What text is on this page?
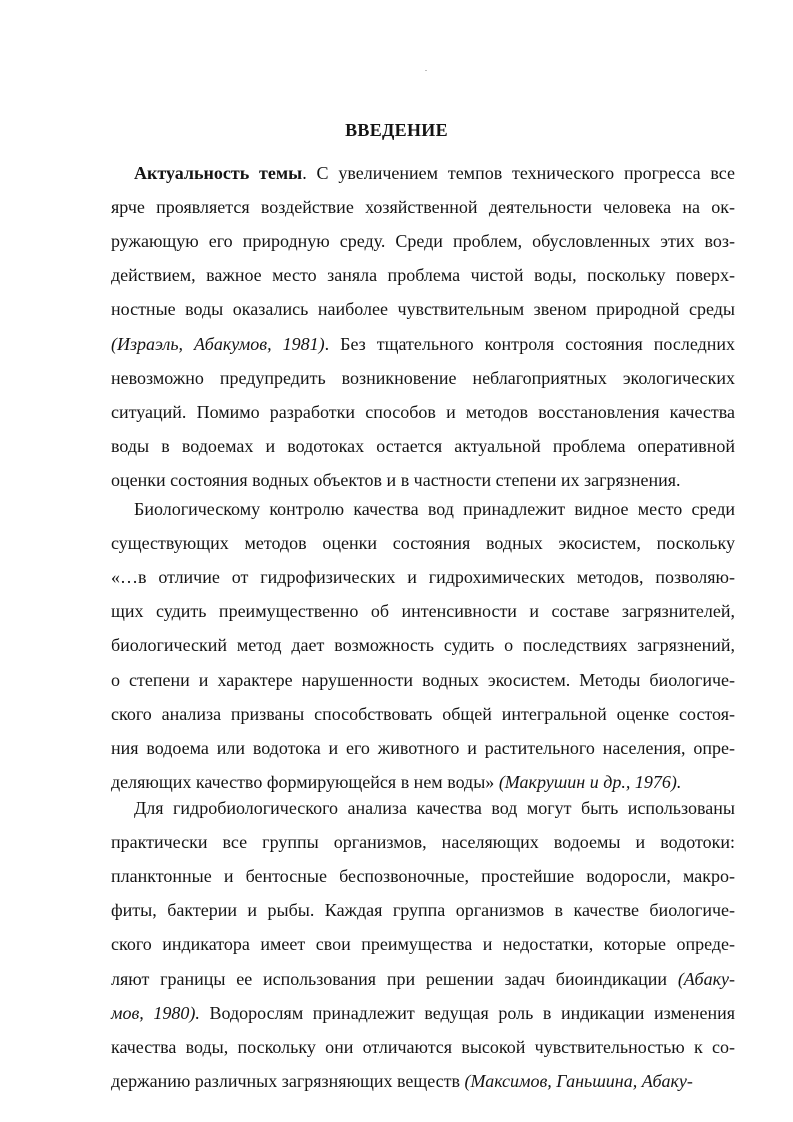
ВВЕДЕНИЕ
Актуальность темы. С увеличением темпов технического прогресса все
ярче проявляется воздействие хозяйственной деятельности человека на ок-
ружающую его природную среду. Среди проблем, обусловленных этих воз-
действием, важное место заняла проблема чистой воды, поскольку поверх-
ностные воды оказались наиболее чувствительным звеном природной среды
(Израэль, Абакумов, 1981). Без тщательного контроля состояния последних
невозможно предупредить возникновение неблагоприятных экологических
ситуаций. Помимо разработки способов и методов восстановления качества
воды в водоемах и водотоках остается актуальной проблема оперативной
оценки состояния водных объектов и в частности степени их загрязнения.
Биологическому контролю качества вод принадлежит видное место среди
существующих методов оценки состояния водных экосистем, поскольку
«…в отличие от гидрофизических и гидрохимических методов, позволяю-
щих судить преимущественно об интенсивности и составе загрязнителей,
биологический метод дает возможность судить о последствиях загрязнений,
о степени и характере нарушенности водных экосистем. Методы биологиче-
ского анализа призваны способствовать общей интегральной оценке состоя-
ния водоема или водотока и его животного и растительного населения, опре-
деляющих качество формирующейся в нем воды» (Макрушин и др., 1976).
Для гидробиологического анализа качества вод могут быть использованы
практически все группы организмов, населяющих водоемы и водотоки:
планктонные и бентосные беспозвоночные, простейшие водоросли, макро-
фиты, бактерии и рыбы. Каждая группа организмов в качестве биологиче-
ского индикатора имеет свои преимущества и недостатки, которые опреде-
ляют границы ее использования при решении задач биоиндикации (Абаку-
мов, 1980). Водорослям принадлежит ведущая роль в индикации изменения
качества воды, поскольку они отличаются высокой чувствительностью к со-
держанию различных загрязняющих веществ (Максимов, Ганьшина, Абаку-
